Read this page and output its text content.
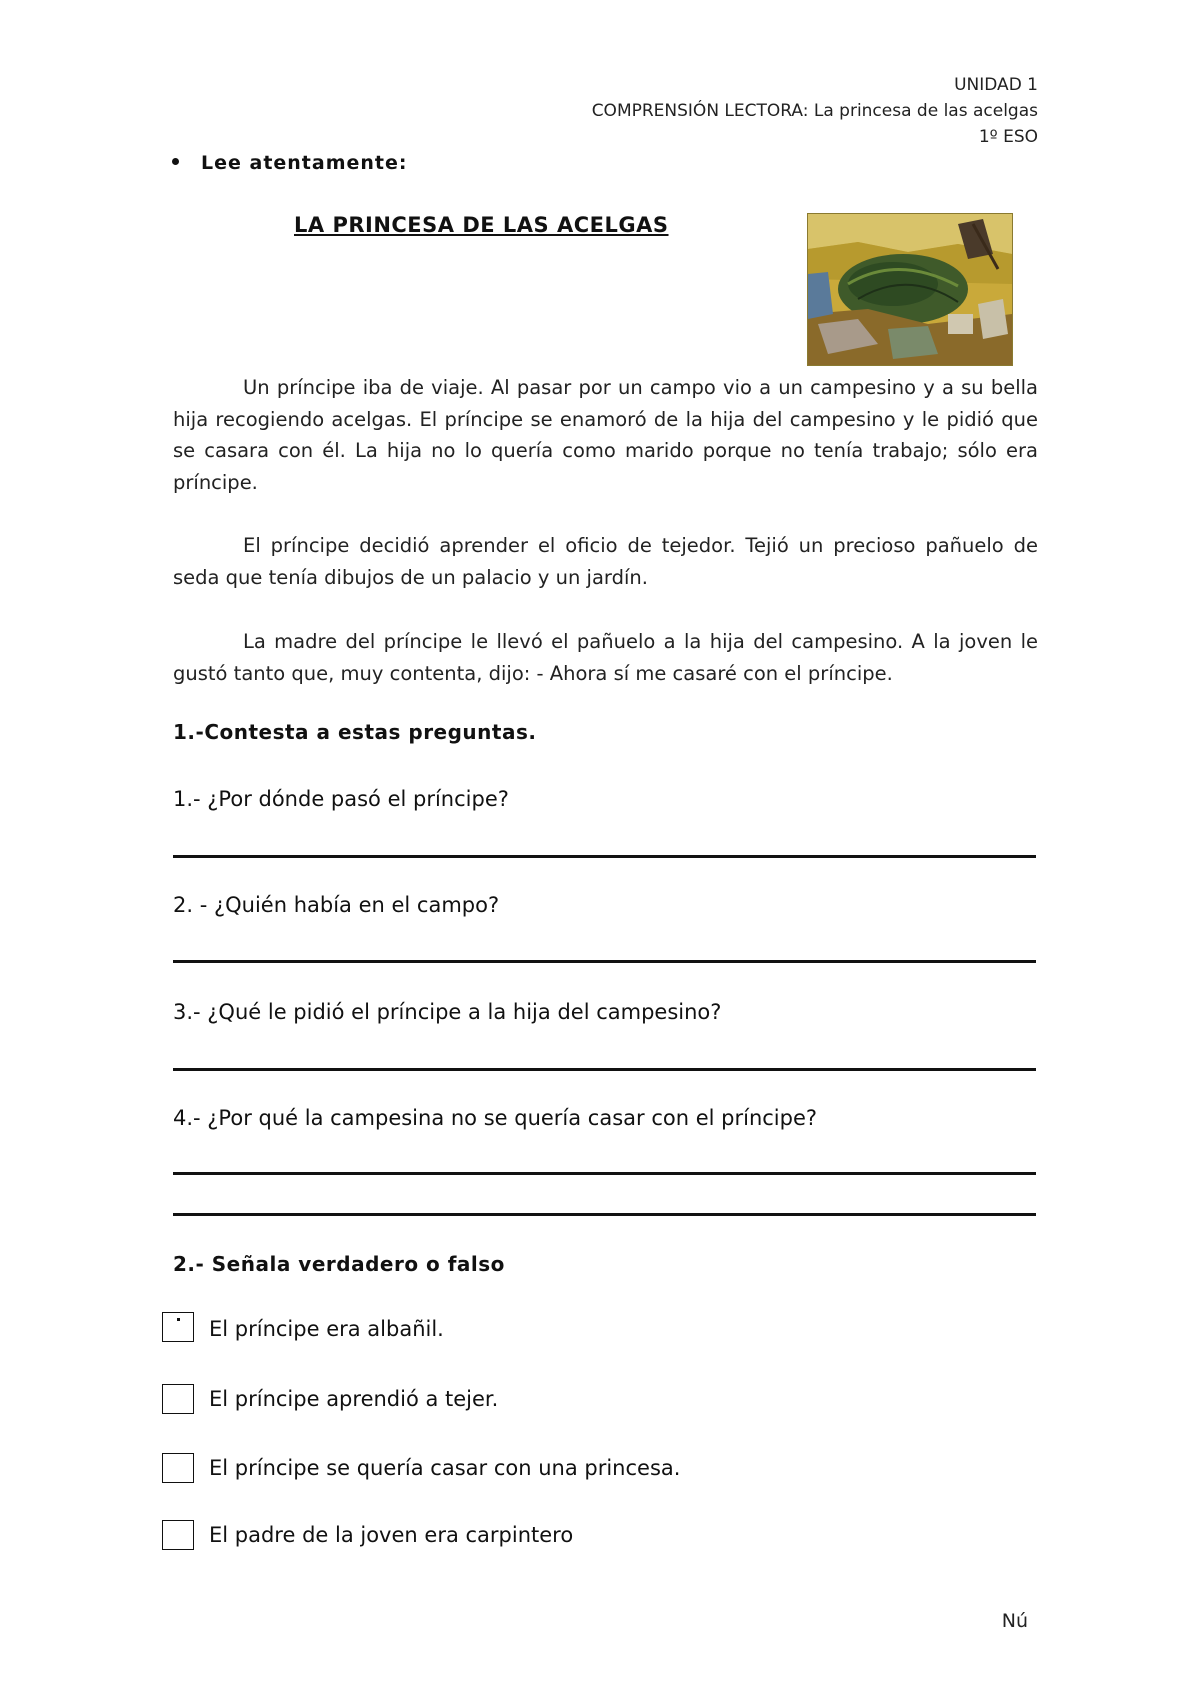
UNIDAD 1
COMPRENSIÓN LECTORA: La princesa de las acelgas
1º ESO
Lee atentamente:
LA PRINCESA DE LAS ACELGAS

Un príncipe iba de viaje. Al pasar por un campo vio a un campesino y a su bella hija recogiendo acelgas. El príncipe se enamoró de la hija del campesino y le pidió que se casara con él. La hija no lo quería como marido porque no tenía trabajo; sólo era príncipe.

El príncipe decidió aprender el oficio de tejedor. Tejió un precioso pañuelo de seda que tenía dibujos de un palacio y un jardín.

La madre del príncipe le llevó el pañuelo a la hija del campesino. A la joven le gustó tanto que, muy contenta, dijo: - Ahora sí me casaré con el príncipe.

1.-Contesta a estas preguntas.
1.- ¿Por dónde pasó el príncipe?
2. - ¿Quién había en el campo?
3.- ¿Qué le pidió el príncipe a la hija del campesino?
4.- ¿Por qué la campesina no se quería casar con el príncipe?
2.- Señala verdadero o falso
El príncipe era albañil.
El príncipe aprendió a tejer.
El príncipe se quería casar con una princesa.
El padre de la joven era carpintero
Nú
